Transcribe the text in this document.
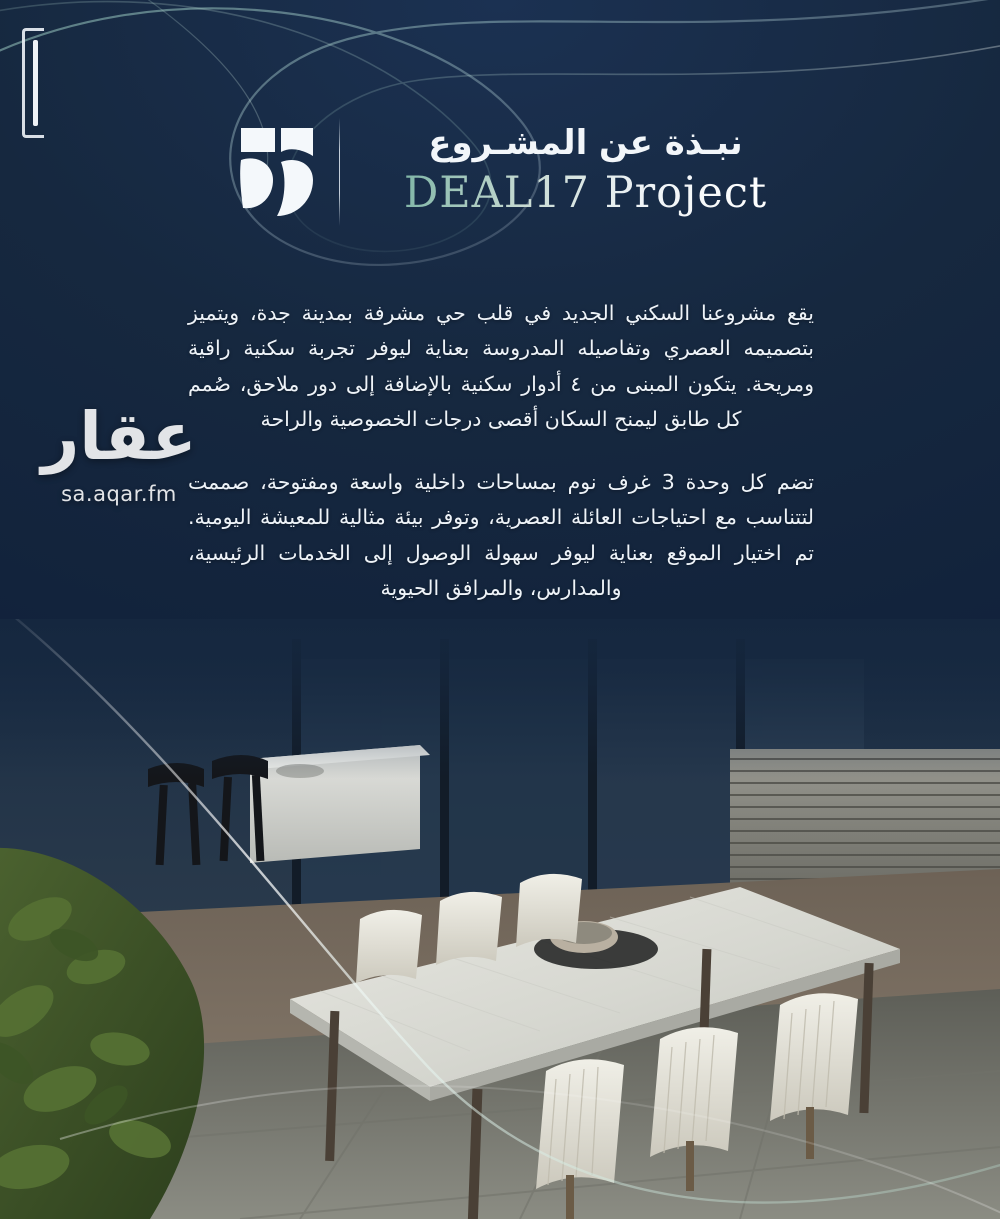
نبـذة عن المشـروع
DEAL17 Project

يقع مشروعنا السكني الجديد في قلب حي مشرفة بمدينة جدة، ويتميز بتصميمه العصري وتفاصيله المدروسة بعناية ليوفر تجربة سكنية راقية ومريحة. يتكون المبنى من ٤ أدوار سكنية بالإضافة إلى دور ملاحق، صُمم كل طابق ليمنح السكان أقصى درجات الخصوصية والراحة

تضم كل وحدة 3 غرف نوم بمساحات داخلية واسعة ومفتوحة، صممت لتتناسب مع احتياجات العائلة العصرية، وتوفر بيئة مثالية للمعيشة اليومية. تم اختيار الموقع بعناية ليوفر سهولة الوصول إلى الخدمات الرئيسية، والمدارس، والمرافق الحيوية

عقار
sa.aqar.fm
